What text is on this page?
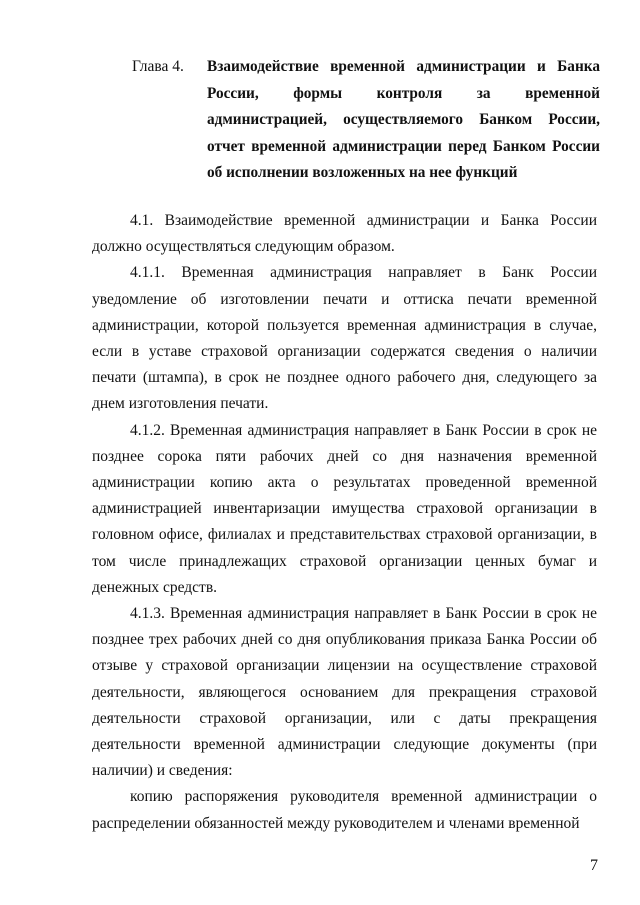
Глава 4.	Взаимодействие временной администрации и Банка России, формы контроля за временной администрацией, осуществляемого Банком России, отчет временной администрации перед Банком России об исполнении возложенных на нее функций

4.1. Взаимодействие временной администрации и Банка России должно осуществляться следующим образом.

4.1.1. Временная администрация направляет в Банк России уведомление об изготовлении печати и оттиска печати временной администрации, которой пользуется временная администрация в случае, если в уставе страховой организации содержатся сведения о наличии печати (штампа), в срок не позднее одного рабочего дня, следующего за днем изготовления печати.

4.1.2. Временная администрация направляет в Банк России в срок не позднее сорока пяти рабочих дней со дня назначения временной администрации копию акта о результатах проведенной временной администрацией инвентаризации имущества страховой организации в головном офисе, филиалах и представительствах страховой организации, в том числе принадлежащих страховой организации ценных бумаг и денежных средств.

4.1.3. Временная администрация направляет в Банк России в срок не позднее трех рабочих дней со дня опубликования приказа Банка России об отзыве у страховой организации лицензии на осуществление страховой деятельности, являющегося основанием для прекращения страховой деятельности страховой организации, или с даты прекращения деятельности временной администрации следующие документы (при наличии) и сведения:

копию распоряжения руководителя временной администрации о распределении обязанностей между руководителем и членами временной

7
